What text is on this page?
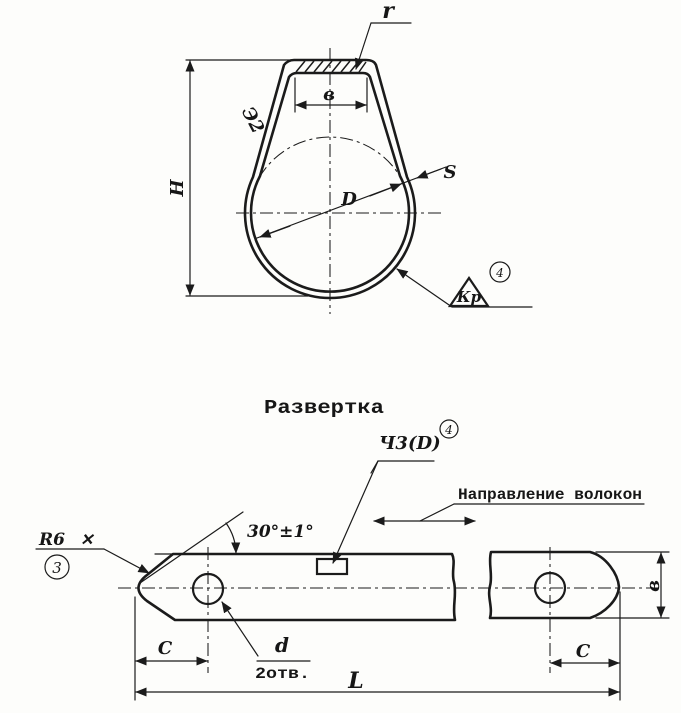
r
в
Э2
H
D
S
Кр
4
Развертка
Ч3(D)
4
Направление волокон
30°±1°
R6 ✕
3
C	d
2отв. L
C
в
